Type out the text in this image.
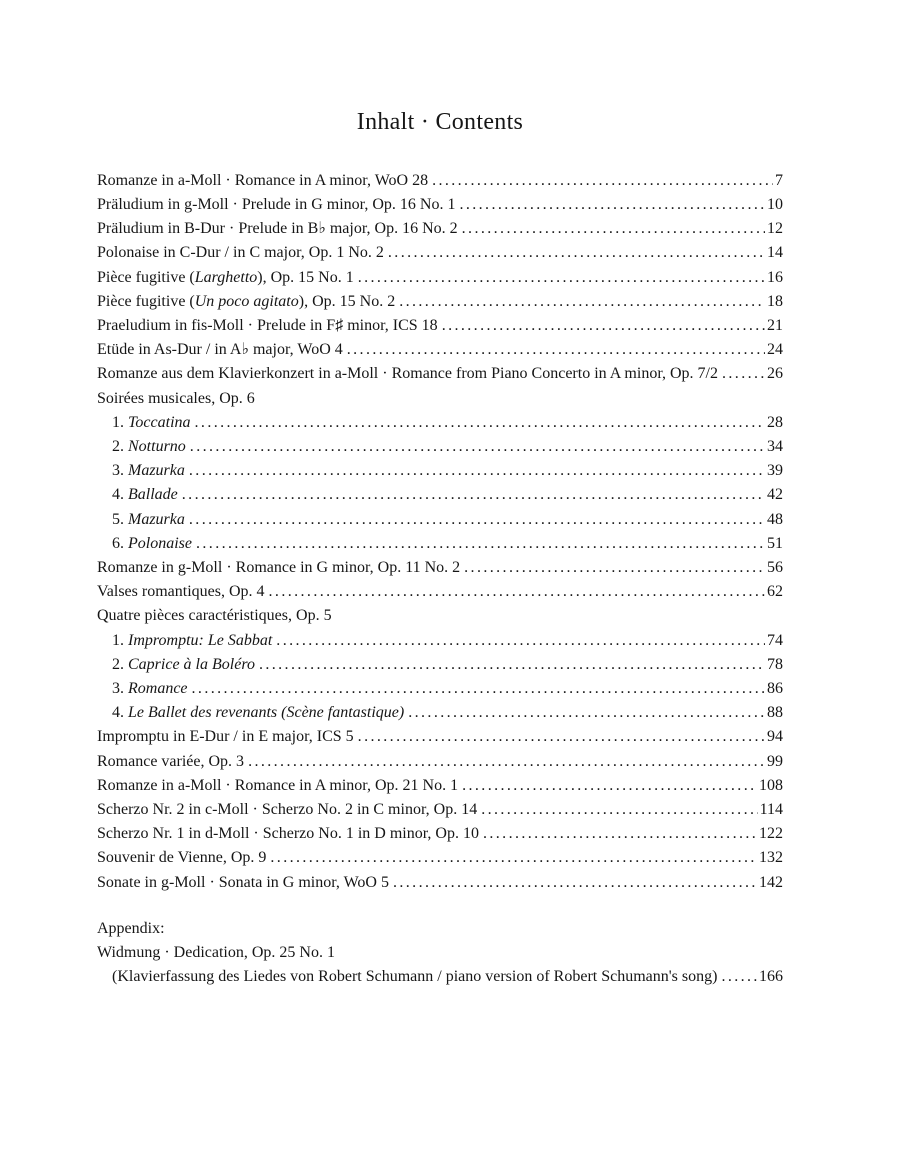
Inhalt · Contents
Romanze in a-Moll · Romance in A minor, WoO 28 .....	7
Präludium in g-Moll · Prelude in G minor, Op. 16 No. 1 .....	10
Präludium in B-Dur · Prelude in B♭ major, Op. 16 No. 2 .....	12
Polonaise in C-Dur / in C major, Op. 1 No. 2 .....	14
Pièce fugitive (Larghetto), Op. 15 No. 1 .....	16
Pièce fugitive (Un poco agitato), Op. 15 No. 2 .....	18
Praeludium in fis-Moll · Prelude in F♯ minor, ICS 18 .....	21
Etüde in As-Dur / in A♭ major, WoO 4 .....	24
Romanze aus dem Klavierkonzert in a-Moll · Romance from Piano Concerto in A minor, Op. 7/2 .....	26
Soirées musicales, Op. 6
1. Toccatina .....	28
2. Notturno .....	34
3. Mazurka .....	39
4. Ballade .....	42
5. Mazurka .....	48
6. Polonaise .....	51
Romanze in g-Moll · Romance in G minor, Op. 11 No. 2 .....	56
Valses romantiques, Op. 4 .....	62
Quatre pièces caractéristiques, Op. 5
1. Impromptu: Le Sabbat .....	74
2. Caprice à la Boléro .....	78
3. Romance .....	86
4. Le Ballet des revenants (Scène fantastique) .....	88
Impromptu in E-Dur / in E major, ICS 5 .....	94
Romance variée, Op. 3 .....	99
Romanze in a-Moll · Romance in A minor, Op. 21 No. 1 .....	108
Scherzo Nr. 2 in c-Moll · Scherzo No. 2 in C minor, Op. 14 .....	114
Scherzo Nr. 1 in d-Moll · Scherzo No. 1 in D minor, Op. 10 .....	122
Souvenir de Vienne, Op. 9 .....	132
Sonate in g-Moll · Sonata in G minor, WoO 5 .....	142
Appendix:
Widmung · Dedication, Op. 25 No. 1
(Klavierfassung des Liedes von Robert Schumann / piano version of Robert Schumann's song) .....	166
